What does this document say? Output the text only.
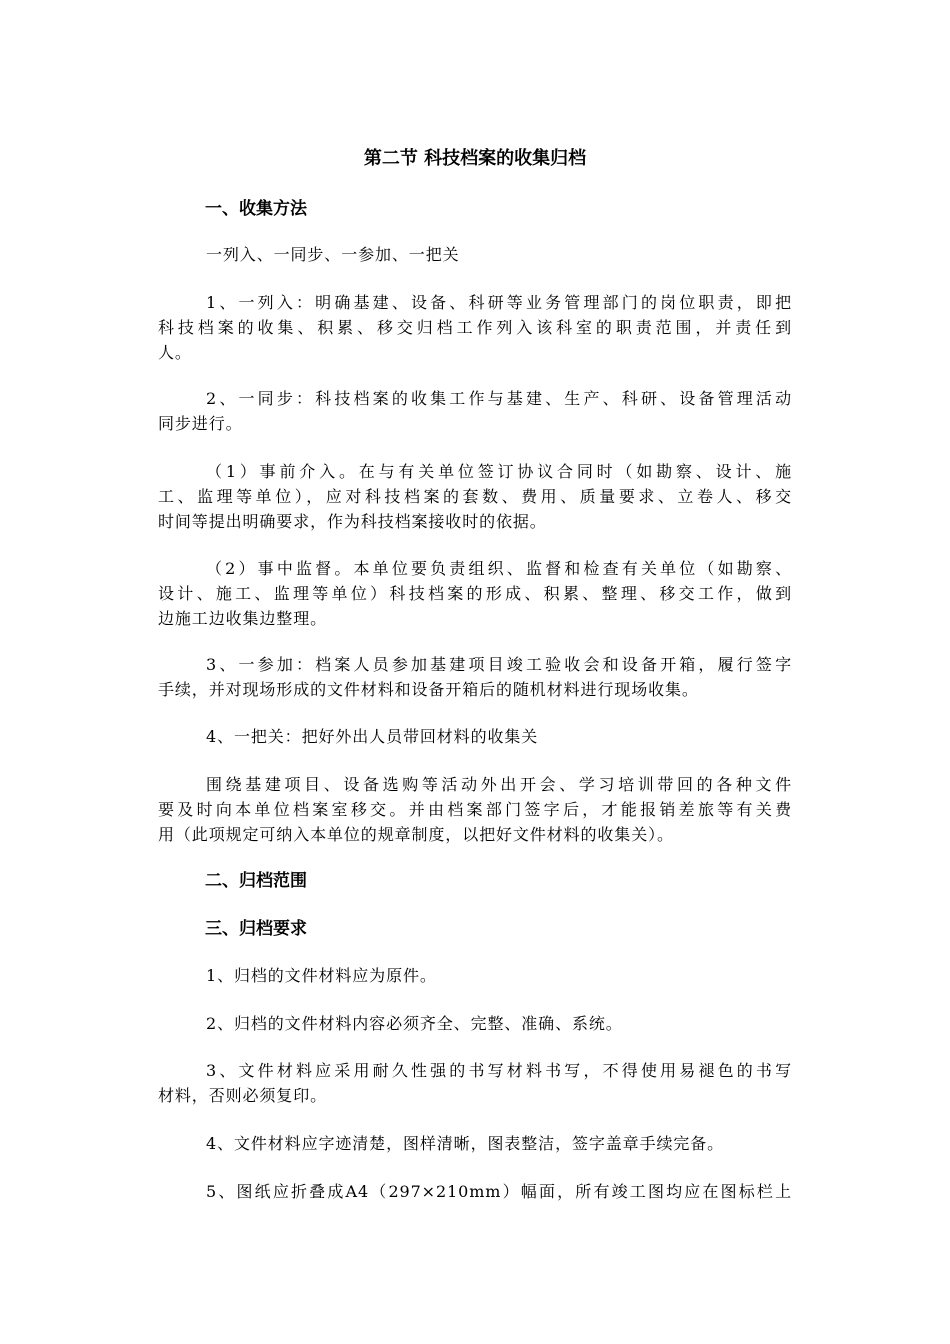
第二节 科技档案的收集归档
一、收集方法

一列入、一同步、一参加、一把关

1、一列入：明确基建、设备、科研等业务管理部门的岗位职责，即把
科技档案的收集、积累、移交归档工作列入该科室的职责范围，并责任到
人。

2、一同步：科技档案的收集工作与基建、生产、科研、设备管理活动
同步进行。

（1）事前介入。在与有关单位签订协议合同时（如勘察、设计、施
工、监理等单位），应对科技档案的套数、费用、质量要求、立卷人、移交
时间等提出明确要求，作为科技档案接收时的依据。

（2）事中监督。本单位要负责组织、监督和检查有关单位（如勘察、
设计、施工、监理等单位）科技档案的形成、积累、整理、移交工作，做到
边施工边收集边整理。

3、一参加：档案人员参加基建项目竣工验收会和设备开箱，履行签字
手续，并对现场形成的文件材料和设备开箱后的随机材料进行现场收集。

4、一把关：把好外出人员带回材料的收集关

围绕基建项目、设备选购等活动外出开会、学习培训带回的各种文件
要及时向本单位档案室移交。并由档案部门签字后，才能报销差旅等有关费
用（此项规定可纳入本单位的规章制度，以把好文件材料的收集关）。

二、归档范围
三、归档要求

1、归档的文件材料应为原件。

2、归档的文件材料内容必须齐全、完整、准确、系统。

3、文件材料应采用耐久性强的书写材料书写，不得使用易褪色的书写
材料，否则必须复印。

4、文件材料应字迹清楚，图样清晰，图表整洁，签字盖章手续完备。

5、图纸应折叠成A4（297×210mm）幅面，所有竣工图均应在图标栏上
